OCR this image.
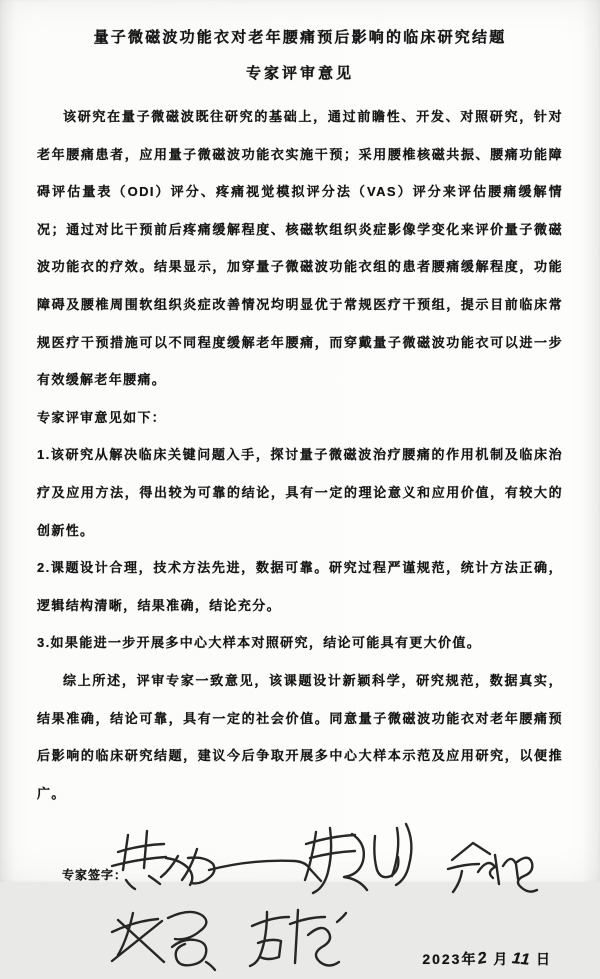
量子微磁波功能衣对老年腰痛预后影响的临床研究结题
专家评审意见

该研究在量子微磁波既往研究的基础上，通过前瞻性、开发、对照研究，针对老年腰痛患者，应用量子微磁波功能衣实施干预；采用腰椎核磁共振、腰痛功能障碍评估量表（ODI）评分、疼痛视觉模拟评分法（VAS）评分来评估腰痛缓解情况；通过对比干预前后疼痛缓解程度、核磁软组织炎症影像学变化来评价量子微磁波功能衣的疗效。结果显示，加穿量子微磁波功能衣组的患者腰痛缓解程度，功能障碍及腰椎周围软组织炎症改善情况均明显优于常规医疗干预组，提示目前临床常规医疗干预措施可以不同程度缓解老年腰痛，而穿戴量子微磁波功能衣可以进一步有效缓解老年腰痛。

专家评审意见如下：

1.该研究从解决临床关键问题入手，探讨量子微磁波治疗腰痛的作用机制及临床治疗及应用方法，得出较为可靠的结论，具有一定的理论意义和应用价值，有较大的创新性。

2.课题设计合理，技术方法先进，数据可靠。研究过程严谨规范，统计方法正确，逻辑结构清晰，结果准确，结论充分。

3.如果能进一步开展多中心大样本对照研究，结论可能具有更大价值。

综上所述，评审专家一致意见，该课题设计新颖科学，研究规范，数据真实，结果准确，结论可靠，具有一定的社会价值。同意量子微磁波功能衣对老年腰痛预后影响的临床研究结题，建议今后争取开展多中心大样本示范及应用研究，以便推广。

专家签字：
2023年2 月 11 日
